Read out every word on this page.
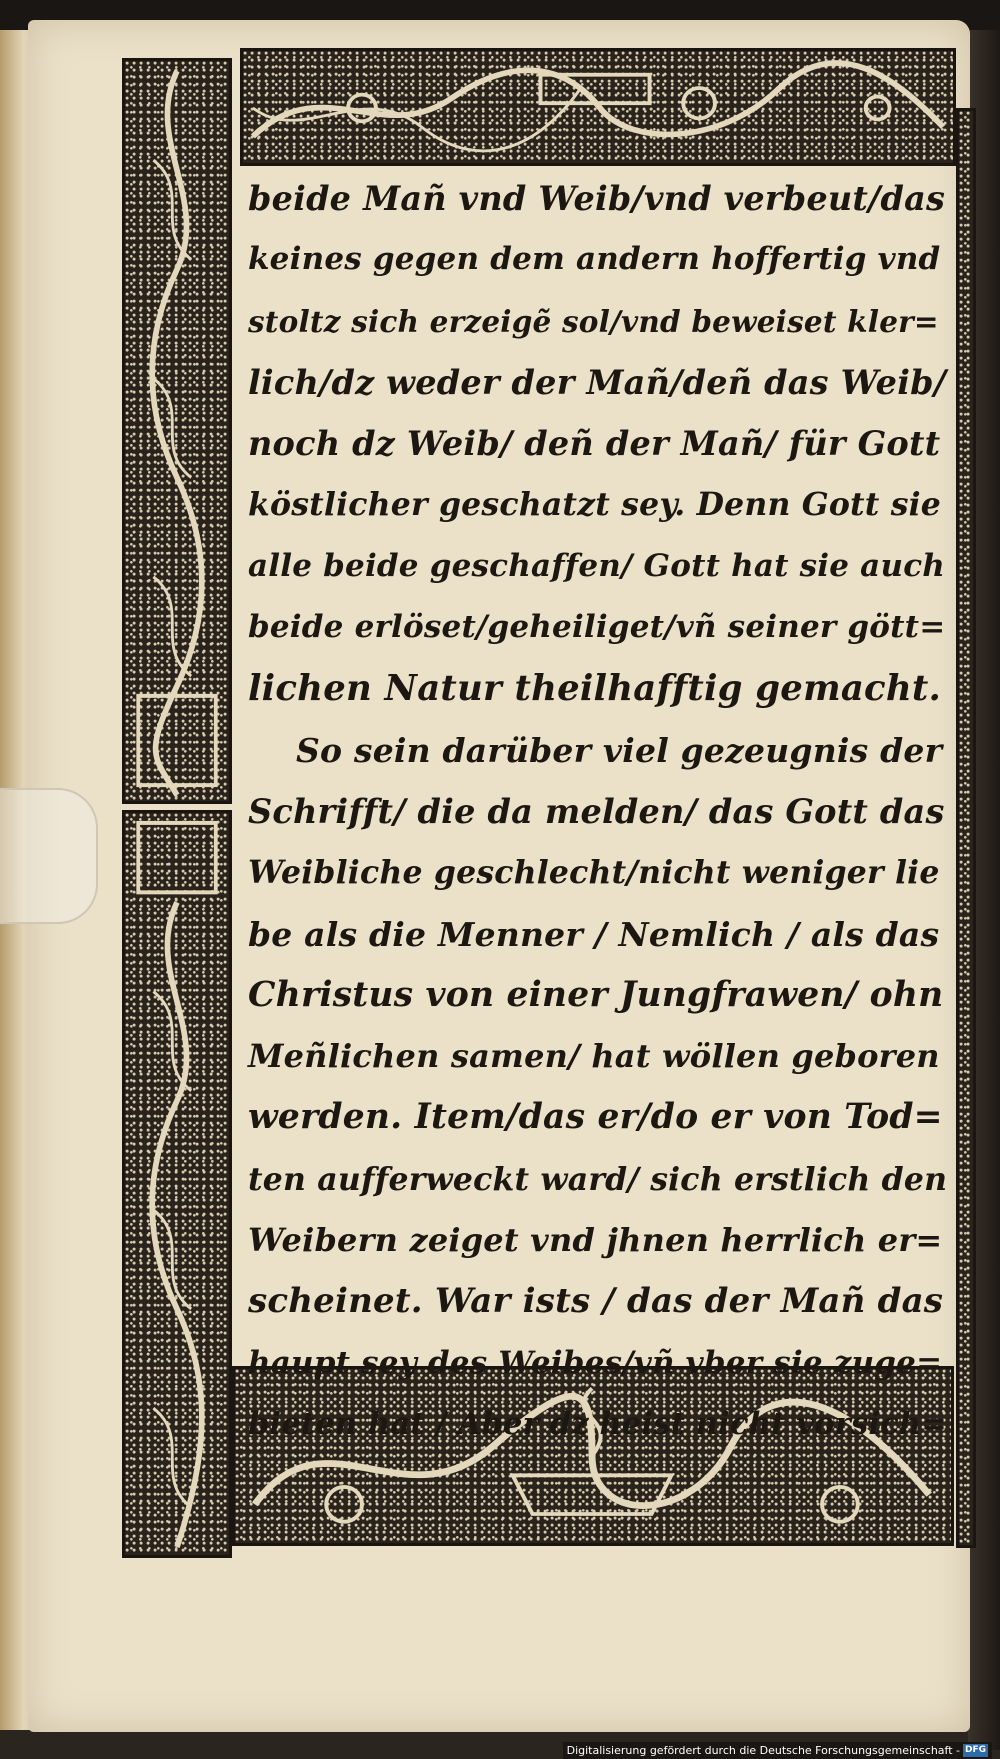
beide Mañ vnd Weib/vnd verbeut/das
keines gegen dem andern hoffertig vnd
stoltz sich erzeigẽ sol/vnd beweiset kler=
lich/dz weder der Mañ/deñ das Weib/
noch dz Weib/ deñ der Mañ/ für Gott
köstlicher geschatzt sey. Denn Gott sie
alle beide geschaffen/ Gott hat sie auch
beide erlöset/geheiliget/vñ seiner gött=
lichen Natur theilhafftig gemacht.
So sein darüber viel gezeugnis der
Schrifft/ die da melden/ das Gott das
Weibliche geschlecht/nicht weniger lie
be als die Menner / Nemlich / als das
Christus von einer Jungfrawen/ ohn
Meñlichen samen/ hat wöllen geboren
werden. Item/das er/do er von Tod=
ten aufferweckt ward/ sich erstlich den
Weibern zeiget vnd jhnen herrlich er=
scheinet. War ists / das der Mañ das
haupt sey des Weibes/vñ vber sie zuge=
bieten hat / Aber dz heist nicht vorsich=
Digitalisierung gefördert durch die Deutsche Forschungsgemeinschaft - DFG
